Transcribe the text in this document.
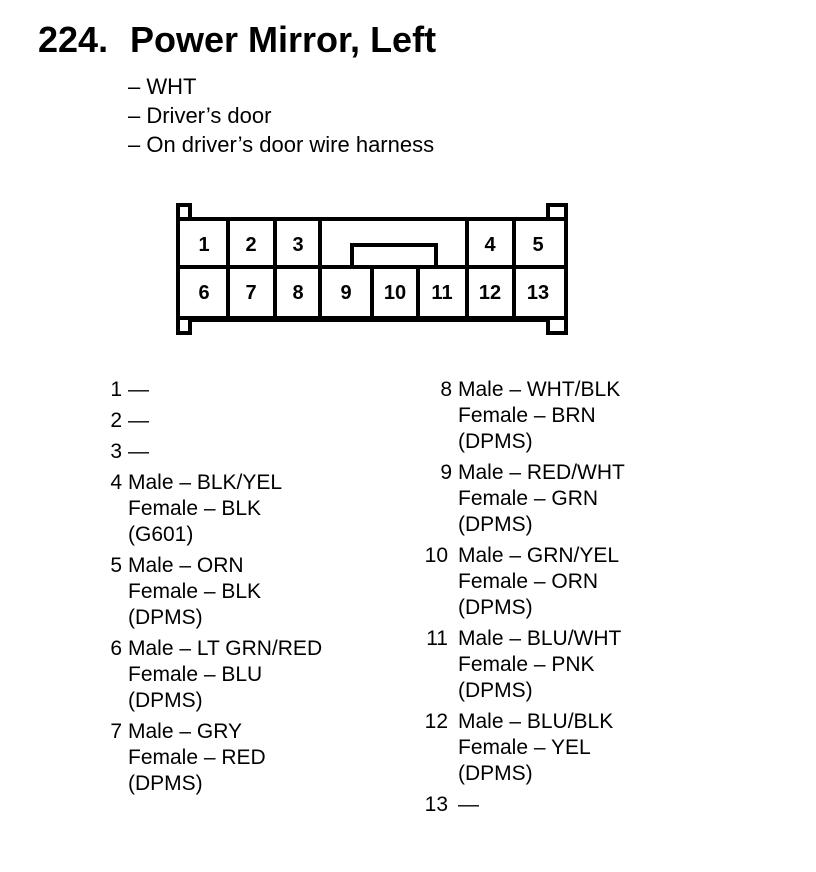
224. Power Mirror, Left
– WHT
– Driver’s door
– On driver’s door wire harness
1 2 3	4 5
6 7 8 9 10 11 12 13
1 —
2 —
3 —
4 Male – BLK/YEL
Female – BLK
(G601)
5 Male – ORN
Female – BLK
(DPMS)
6 Male – LT GRN/RED
Female – BLU
(DPMS)
7 Male – GRY
Female – RED
(DPMS)
8 Male – WHT/BLK
Female – BRN
(DPMS)
9 Male – RED/WHT
Female – GRN
(DPMS)
10 Male – GRN/YEL
Female – ORN
(DPMS)
11 Male – BLU/WHT
Female – PNK
(DPMS)
12 Male – BLU/BLK
Female – YEL
(DPMS)
13 —
